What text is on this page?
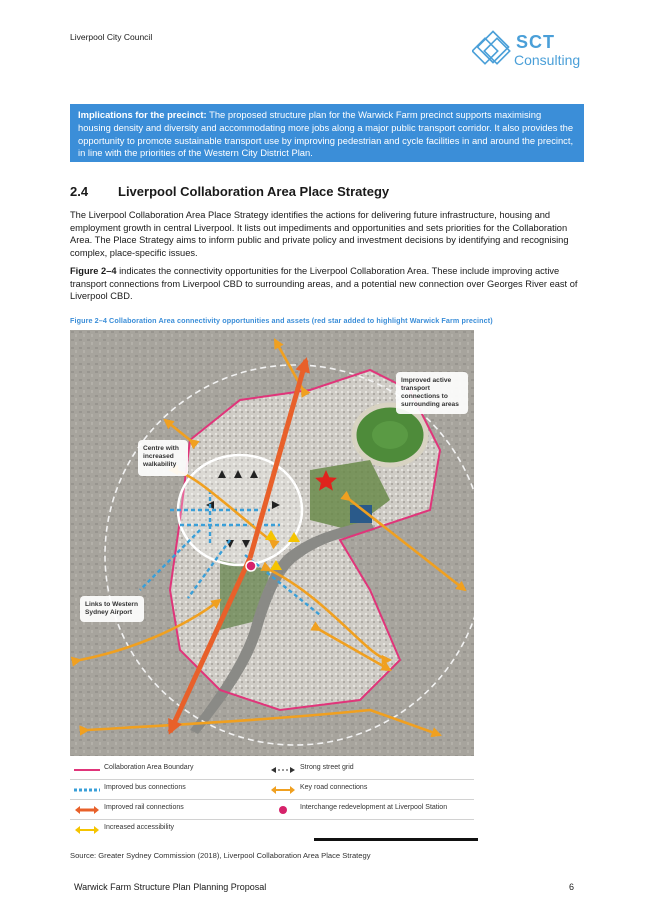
Liverpool City Council	SCT
Consulting
Implications for the precinct: The proposed structure plan for the Warwick Farm precinct supports maximising housing density and diversity and accommodating more jobs along a major public transport corridor. It also provides the opportunity to promote sustainable transport use by improving pedestrian and cycle facilities in and around the precinct, in line with the priorities of the Western City District Plan.
2.4 Liverpool Collaboration Area Place Strategy

The Liverpool Collaboration Area Place Strategy identifies the actions for delivering future infrastructure, housing and employment growth in central Liverpool. It lists out impediments and opportunities and sets priorities for the Collaboration Area. The Place Strategy aims to inform public and private policy and investment decisions by identifying and recognising complex, place-specific issues.

Figure 2–4 indicates the connectivity opportunities for the Liverpool Collaboration Area. These include improving active transport connections from Liverpool CBD to surrounding areas, and a potential new connection over Georges River east of Liverpool CBD.

Figure 2–4 Collaboration Area connectivity opportunities and assets (red star added to highlight Warwick Farm precinct)
Improved active
transport
connections to
surrounding areas
Centre with
increased
walkability
Links to Western
Sydney Airport
Collaboration Area Boundary	Strong street grid
Improved bus connections	Key road connections
Improved rail connections	Interchange redevelopment at Liverpool Station
Increased accessibility
Source: Greater Sydney Commission (2018), Liverpool Collaboration Area Place Strategy
Warwick Farm Structure Plan Planning Proposal	6
